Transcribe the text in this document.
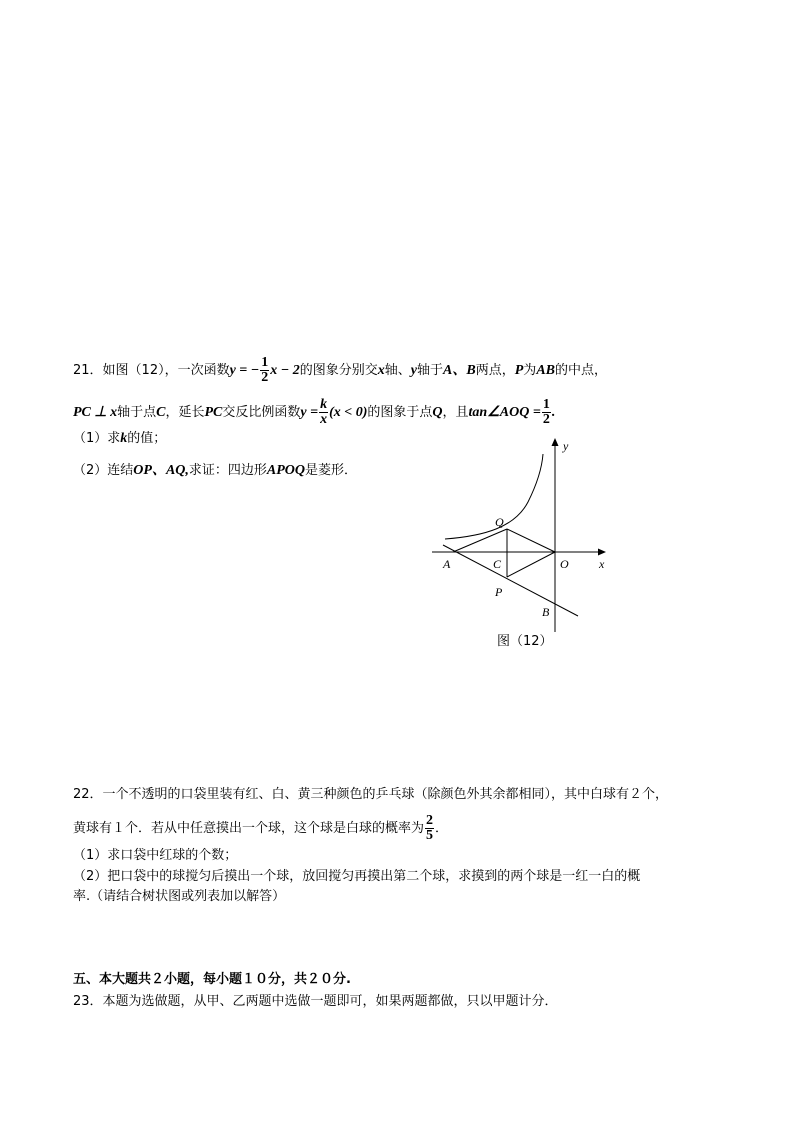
21．如图（12），一次函数y = − $\frac{1}{2}$ x − 2的图象分别交x轴、y轴于A、B两点，P为AB的中点，
PC ⊥ x轴于点C，延长PC交反比例函数$y = \frac{k}{x} (x < 0)$的图象于点Q，且tan∠AOQ = $\frac{1}{2}$ .
（1）求k的值；
（2）连结OP、AQ,求证：四边形APOQ是菱形．
y
x
Q
A	C	O
P
B
图（12）
22．一个不透明的口袋里装有红、白、黄三种颜色的乒乓球（除颜色外其余都相同），其中白球有２个，
黄球有１个．若从中任意摸出一个球，这个球是白球的概率为 $\frac{2}{5}$ ．
（1）求口袋中红球的个数；
（2）把口袋中的球搅匀后摸出一个球，放回搅匀再摸出第二个球，求摸到的两个球是一红一白的概
率.（请结合树状图或列表加以解答）
五、本大题共２小题，每小题１０分，共２０分.
23．本题为选做题，从甲、乙两题中选做一题即可，如果两题都做，只以甲题计分．
